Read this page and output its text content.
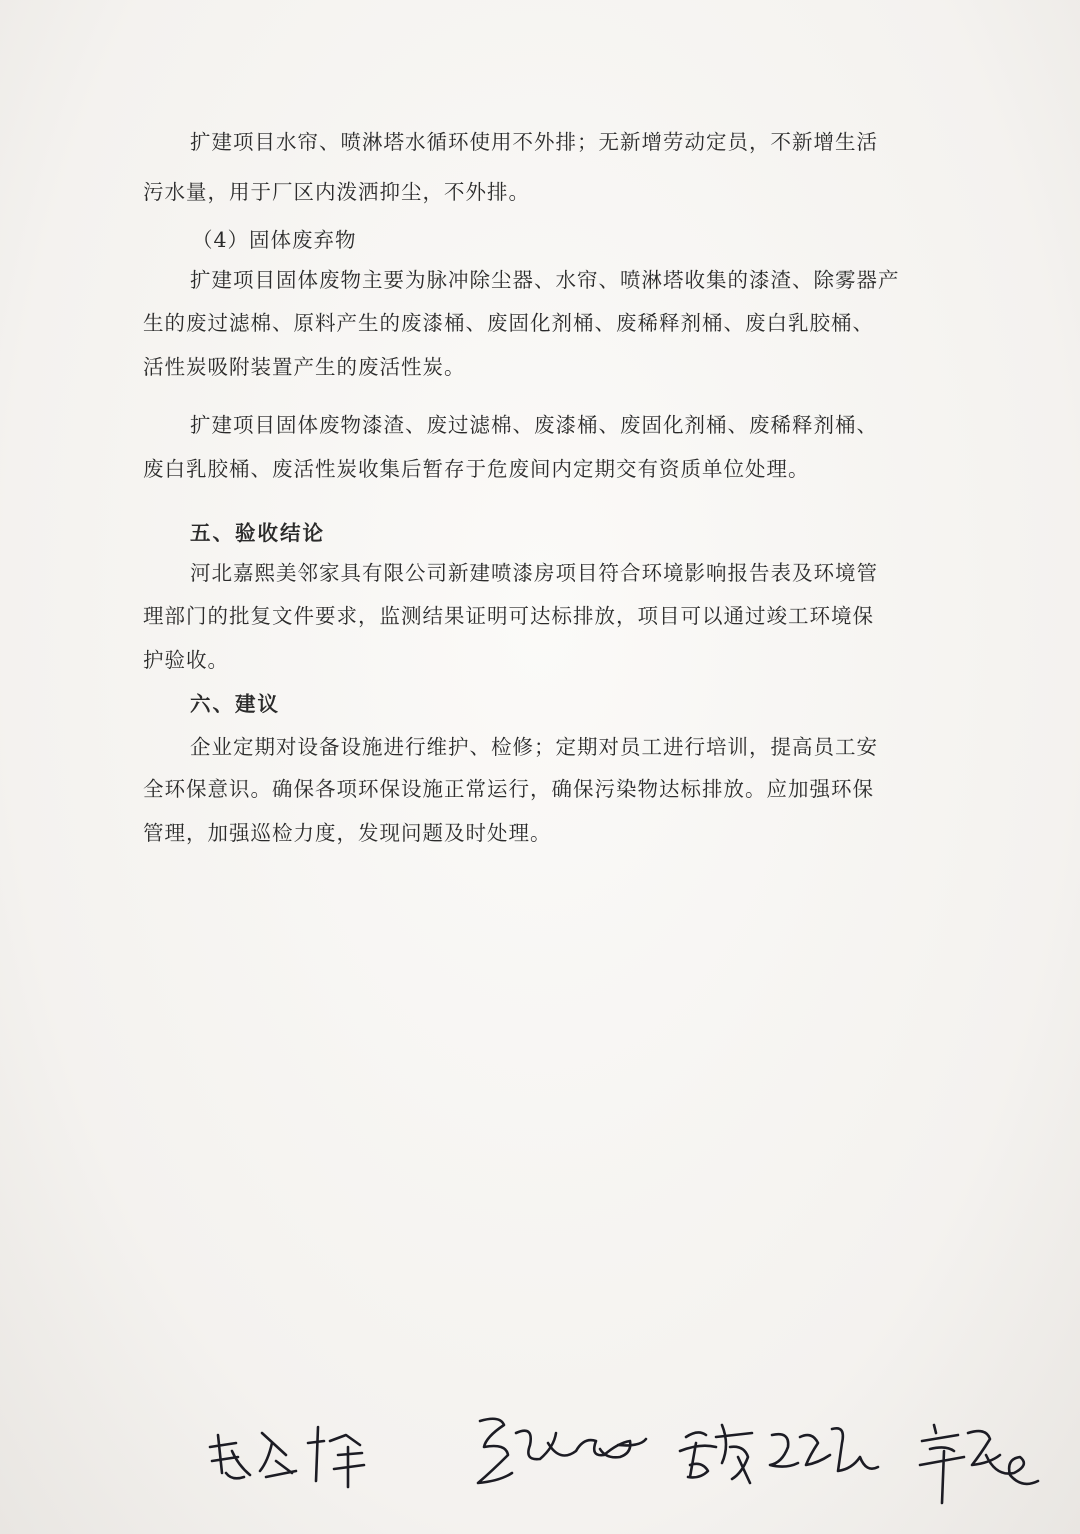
扩建项目水帘、喷淋塔水循环使用不外排；无新增劳动定员，不新增生活
污水量，用于厂区内泼洒抑尘，不外排。
（4）固体废弃物
扩建项目固体废物主要为脉冲除尘器、水帘、喷淋塔收集的漆渣、除雾器产
生的废过滤棉、原料产生的废漆桶、废固化剂桶、废稀释剂桶、废白乳胶桶、
活性炭吸附装置产生的废活性炭。
扩建项目固体废物漆渣、废过滤棉、废漆桶、废固化剂桶、废稀释剂桶、
废白乳胶桶、废活性炭收集后暂存于危废间内定期交有资质单位处理。
五、验收结论
河北嘉熙美邻家具有限公司新建喷漆房项目符合环境影响报告表及环境管
理部门的批复文件要求，监测结果证明可达标排放，项目可以通过竣工环境保
护验收。
六、建议
企业定期对设备设施进行维护、检修；定期对员工进行培训，提高员工安
全环保意识。确保各项环保设施正常运行，确保污染物达标排放。应加强环保
管理，加强巡检力度，发现问题及时处理。
